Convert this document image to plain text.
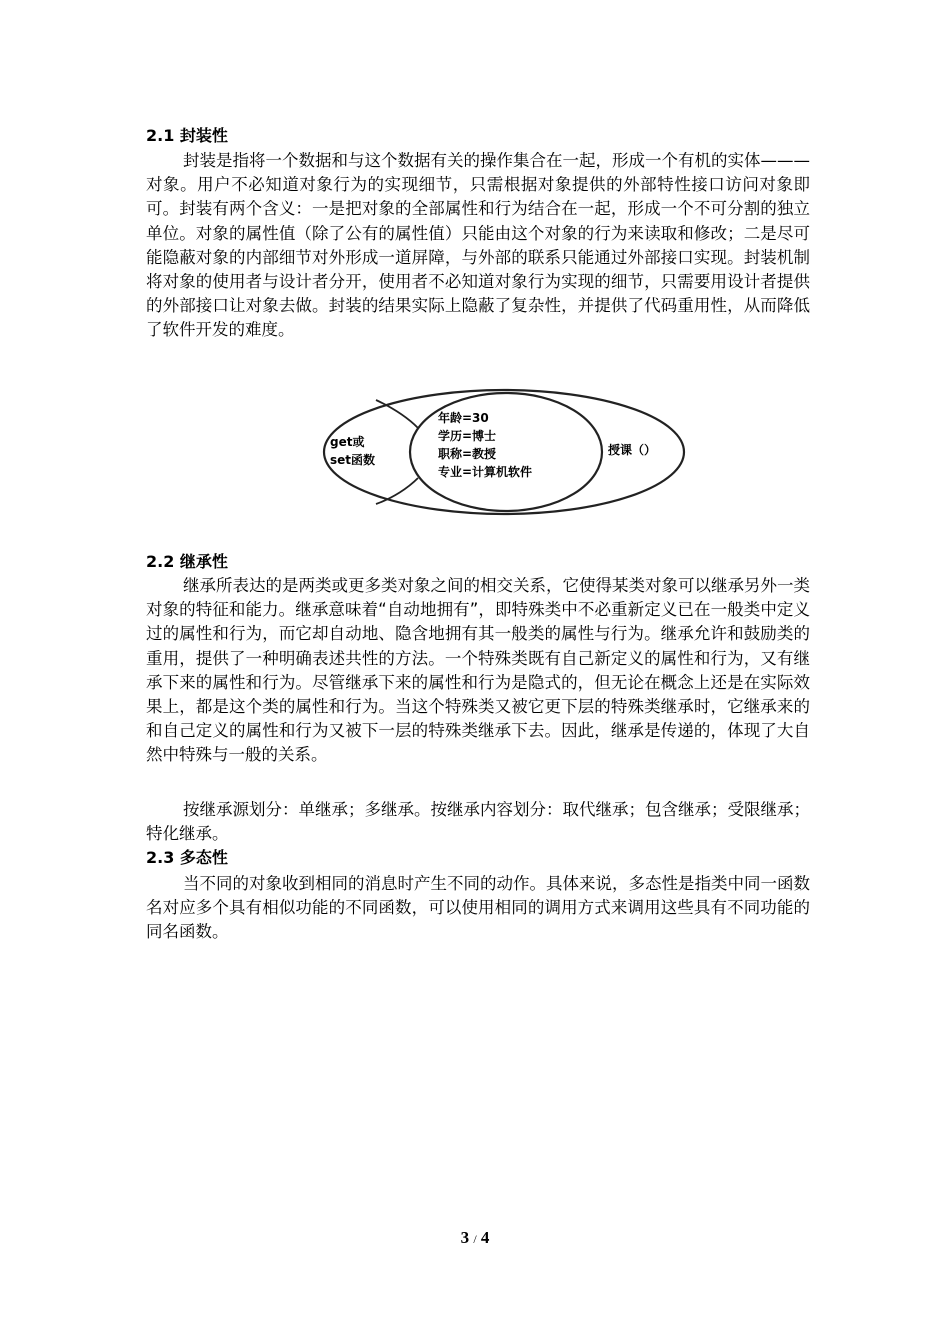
2.1 封装性

封装是指将一个数据和与这个数据有关的操作集合在一起，形成一个有机的实体———对象。用户不必知道对象行为的实现细节，只需根据对象提供的外部特性接口访问对象即可。封装有两个含义：一是把对象的全部属性和行为结合在一起，形成一个不可分割的独立单位。对象的属性值（除了公有的属性值）只能由这个对象的行为来读取和修改；二是尽可能隐蔽对象的内部细节对外形成一道屏障，与外部的联系只能通过外部接口实现。封装机制将对象的使用者与设计者分开，使用者不必知道对象行为实现的细节，只需要用设计者提供的外部接口让对象去做。封装的结果实际上隐蔽了复杂性，并提供了代码重用性，从而降低了软件开发的难度。

get或
set函数
年龄=30
学历=博士
职称=教授
专业=计算机软件
授课（）
2.2 继承性

继承所表达的是两类或更多类对象之间的相交关系，它使得某类对象可以继承另外一类对象的特征和能力。继承意味着“自动地拥有”，即特殊类中不必重新定义已在一般类中定义过的属性和行为，而它却自动地、隐含地拥有其一般类的属性与行为。继承允许和鼓励类的重用，提供了一种明确表述共性的方法。一个特殊类既有自己新定义的属性和行为，又有继承下来的属性和行为。尽管继承下来的属性和行为是隐式的，但无论在概念上还是在实际效果上，都是这个类的属性和行为。当这个特殊类又被它更下层的特殊类继承时，它继承来的和自己定义的属性和行为又被下一层的特殊类继承下去。因此，继承是传递的，体现了大自然中特殊与一般的关系。

按继承源划分：单继承；多继承。按继承内容划分：取代继承；包含继承；受限继承；特化继承。

2.3 多态性

当不同的对象收到相同的消息时产生不同的动作。具体来说，多态性是指类中同一函数名对应多个具有相似功能的不同函数，可以使用相同的调用方式来调用这些具有不同功能的同名函数。

3 / 4
